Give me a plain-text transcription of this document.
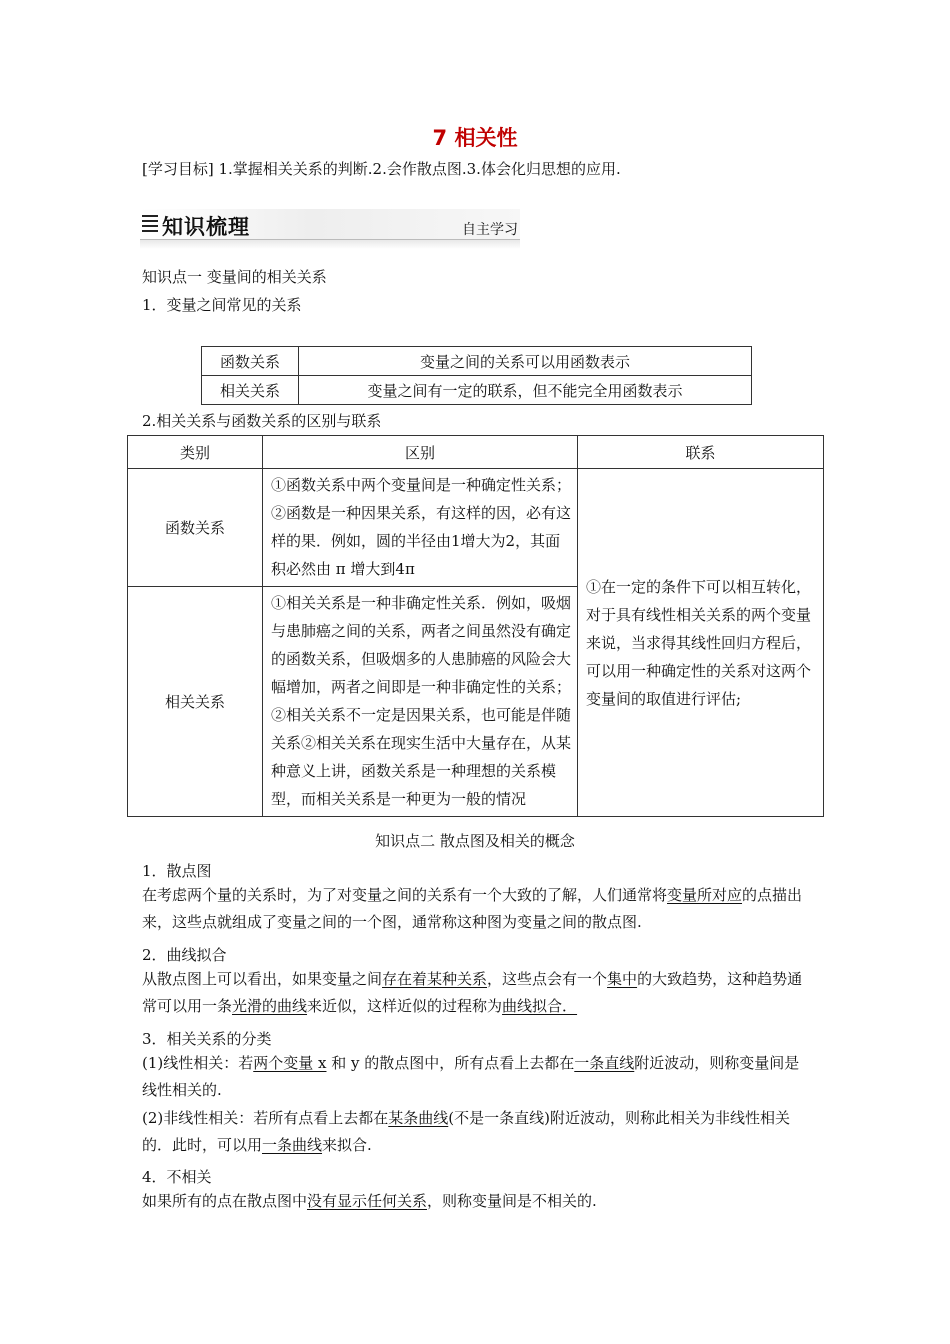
7 相关性
[学习目标] 1.掌握相关关系的判断.2.会作散点图.3.体会化归思想的应用.
知识梳理	自主学习
知识点一 变量间的相关关系
1．变量之间常见的关系
函数关系	变量之间的关系可以用函数表示
相关关系	变量之间有一定的联系，但不能完全用函数表示
2.相关关系与函数关系的区别与联系
类别	区别	联系
函数关系	①函数关系中两个变量间是一种确定性关系；②函数是一种因果关系，有这样的因，必有这样的果．例如，圆的半径由1增大为2，其面积必然由 π 增大到4π	①在一定的条件下可以相互转化，对于具有线性相关关系的两个变量来说，当求得其线性回归方程后，可以用一种确定性的关系对这两个变量间的取值进行评估;
相关关系	①相关关系是一种非确定性关系．例如，吸烟与患肺癌之间的关系，两者之间虽然没有确定的函数关系，但吸烟多的人患肺癌的风险会大幅增加，两者之间即是一种非确定性的关系；②相关关系不一定是因果关系，也可能是伴随关系②相关关系在现实生活中大量存在，从某种意义上讲，函数关系是一种理想的关系模型，而相关关系是一种更为一般的情况	
知识点二 散点图及相关的概念
1．散点图
在考虑两个量的关系时，为了对变量之间的关系有一个大致的了解，人们通常将变量所对应的点描出来，这些点就组成了变量之间的一个图，通常称这种图为变量之间的散点图.
2．曲线拟合
从散点图上可以看出，如果变量之间存在着某种关系，这些点会有一个集中的大致趋势，这种趋势通常可以用一条光滑的曲线来近似，这样近似的过程称为曲线拟合．
3．相关关系的分类
(1)线性相关：若两个变量 x 和 y 的散点图中，所有点看上去都在一条直线附近波动，则称变量间是线性相关的.
(2)非线性相关：若所有点看上去都在某条曲线(不是一条直线)附近波动，则称此相关为非线性相关的．此时，可以用一条曲线来拟合.
4．不相关
如果所有的点在散点图中没有显示任何关系，则称变量间是不相关的.
